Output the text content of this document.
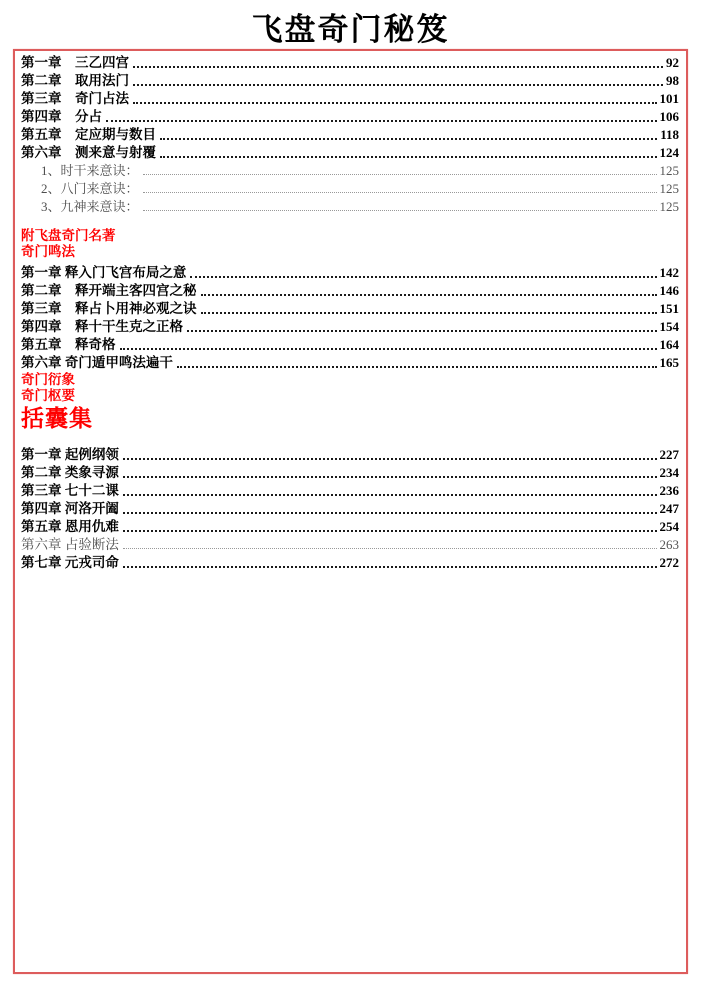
飞盘奇门秘笈
第一章　三乙四宫	92
第二章　取用法门	98
第三章　奇门占法	101
第四章　分占	106
第五章　定应期与数目	118
第六章　测来意与射覆	124
1、时干来意诀：	125
2、八门来意诀：	125
3、九神来意诀：	125
附飞盘奇门名著
奇门鸣法
第一章 释入门飞宫布局之意	142
第二章　释开端主客四宫之秘	146
第三章　释占卜用神必观之诀	151
第四章　释十干生克之正格	154
第五章　释奇格	164
第六章 奇门遁甲鸣法遍干	165
奇门衍象
奇门枢要
括囊集
第一章 起例纲领	227
第二章 类象寻源	234
第三章 七十二课	236
第四章 河洛开阖	247
第五章 恩用仇难	254
第六章 占验断法	263
第七章 元戎司命	272
